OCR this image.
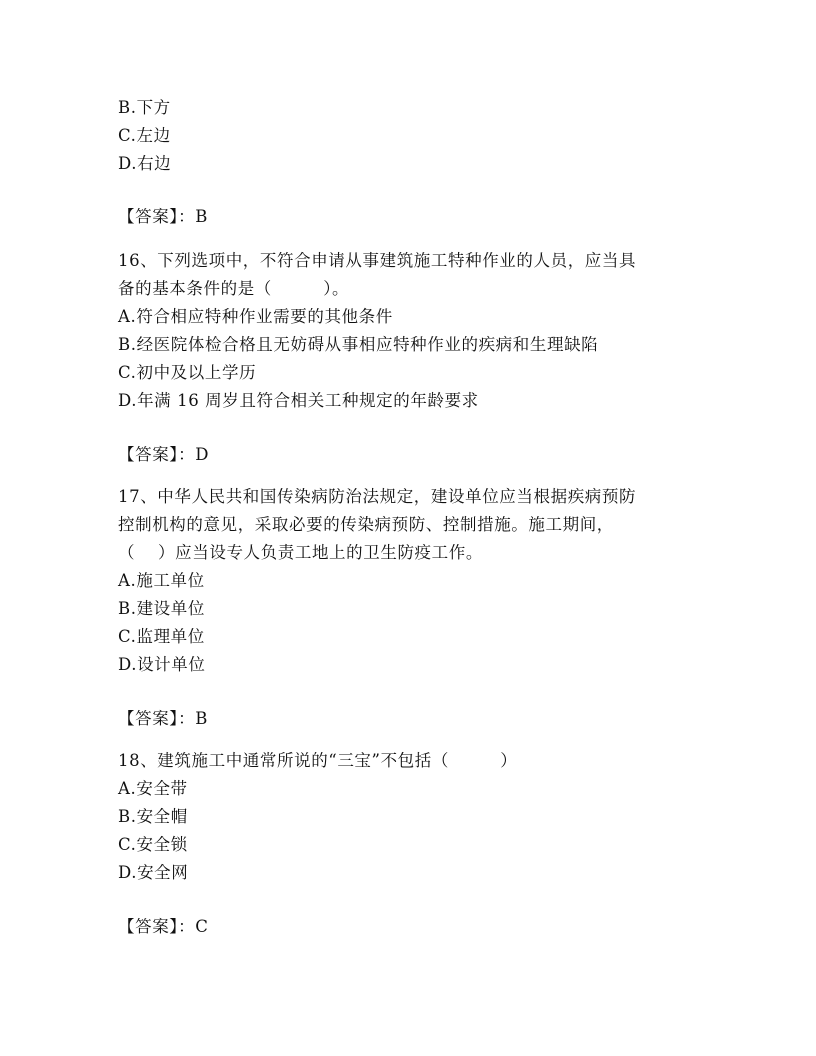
B.下方
C.左边
D.右边
【答案】：B
16、下列选项中，不符合申请从事建筑施工特种作业的人员，应当具
备的基本条件的是（　　　）。
A.符合相应特种作业需要的其他条件
B.经医院体检合格且无妨碍从事相应特种作业的疾病和生理缺陷
C.初中及以上学历
D.年满 16 周岁且符合相关工种规定的年龄要求
【答案】：D
17、中华人民共和国传染病防治法规定，建设单位应当根据疾病预防
控制机构的意见，采取必要的传染病预防、控制措施。施工期间，
（　 ）应当设专人负责工地上的卫生防疫工作。
A.施工单位
B.建设单位
C.监理单位
D.设计单位
【答案】：B
18、建筑施工中通常所说的“三宝”不包括（　　　）
A.安全带
B.安全帽
C.安全锁
D.安全网
【答案】：C
